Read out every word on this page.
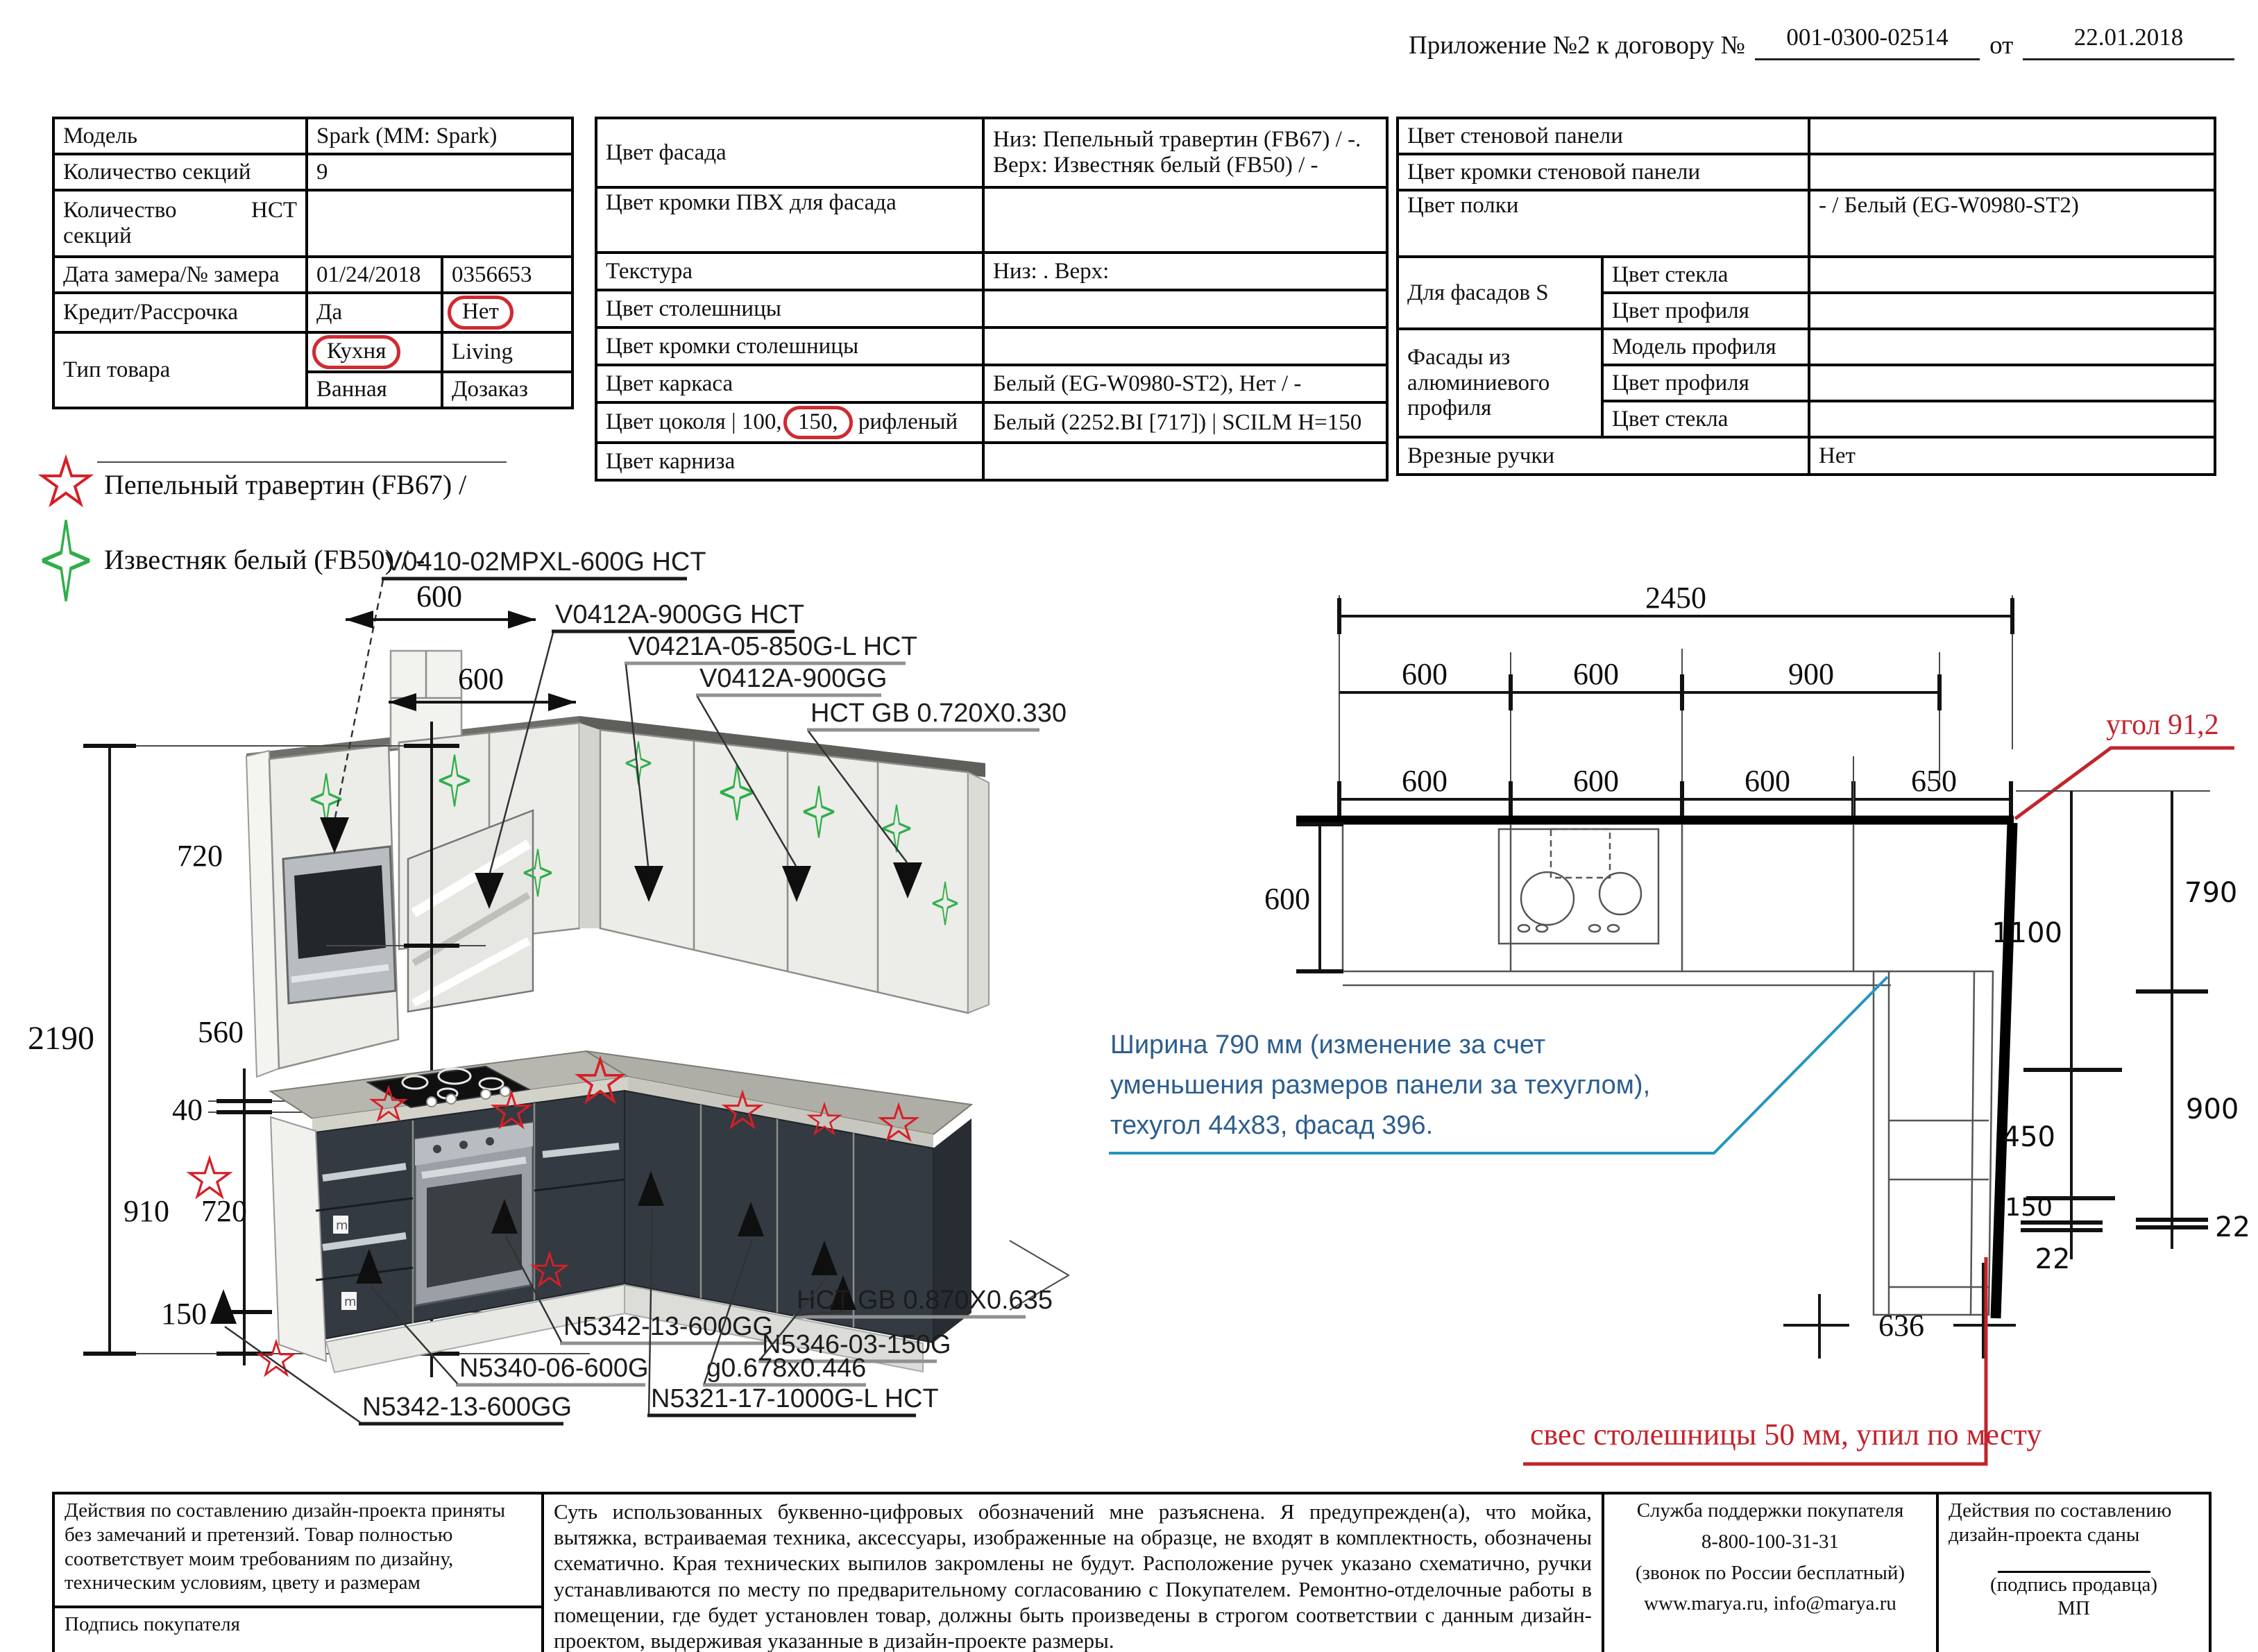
Приложение №2 к договору № 001-0300-02514 от 22.01.2018
Модель	Spark (MM: Spark)	
Количество секций	9	
Количество HCT секций		
Дата замера/№ замера	01/24/2018	0356653
Кредит/Рассрочка	Да	Нет
Тип товара	Кухня	Living
	Ванная	Дозаказ
Цвет фасада	Низ: Пепельный травертин (FB67) / -.
Верх: Известняк белый (FB50) / -

Цвет кромки ПВХ для фасада	
Текстура	Низ: . Верх:
Цвет столешницы	
Цвет кромки столешницы	
Цвет каркаса	Белый (EG-W0980-ST2), Нет / -
Цвет цоколя | 100, 150, рифленый	Белый (2252.BI [717]) | SCILM H=150
Цвет карниза	
Цвет стеновой панели		
Цвет кромки стеновой панели		
Цвет полки		- / Белый (EG-W0980-ST2)
Для фасадов S	Цвет стекла	
	Цвет профиля	
Фасады из алюминиевого профиля	Модель профиля	
	Цвет профиля	
	Цвет стекла	
Врезные ручки		Нет
Пепельный травертин (FB67) /
Известняк белый (FB50) / -
V0410-02MPXL-600G HCT
V0412A-900GG HCT
V0421A-05-850G-L HCT
V0412A-900GG
HCT GB 0.720X0.330
600
600
2190
720
560
40
910 720
150
m
m	HCT GB 0.870X0.635
N5342-13-600GG
N5346-03-150G
N5340-06-600G g0.678x0.446
N5342-13-600GG	N5321-17-1000G-L HCT
2450
600	600	900
600	600	600	650
угол 91,2
600
1100
450
150
22
790
900
22
636
Ширина 790 мм (изменение за счет
уменьшения размеров панели за техуглом),
техугол 44x83, фасад 396.
свес столешницы 50 мм, упил по месту
Действия по составлению дизайн-проекта приняты без замечаний и претензий. Товар полностью соответствует моим требованиям по дизайну, техническим условиям, цвету и размерам	Суть использованных буквенно-цифровых обозначений мне разъяснена. Я предупрежден(а), что мойка, вытяжка, встраиваемая техника, аксессуары, изображенные на образце, не входят в комплектность, обозначены схематично. Края технических выпилов закромлены не будут. Расположение ручек указано схематично, ручки устанавливаются по месту по предварительному согласованию с Покупателем. Ремонтно-отделочные работы в помещении, где будет установлен товар, должны быть произведены в строгом соответствии с данным дизайн-проектом, выдерживая указанные в дизайн-проекте размеры.	
Служба поддержки покупателя
8-800-100-31-31
(звонок по России бесплатный)
www.marya.ru, info@marya.ru

Действия по составлению дизайн-проекта сданы
(подпись продавца)
МП

Подпись покупателя
